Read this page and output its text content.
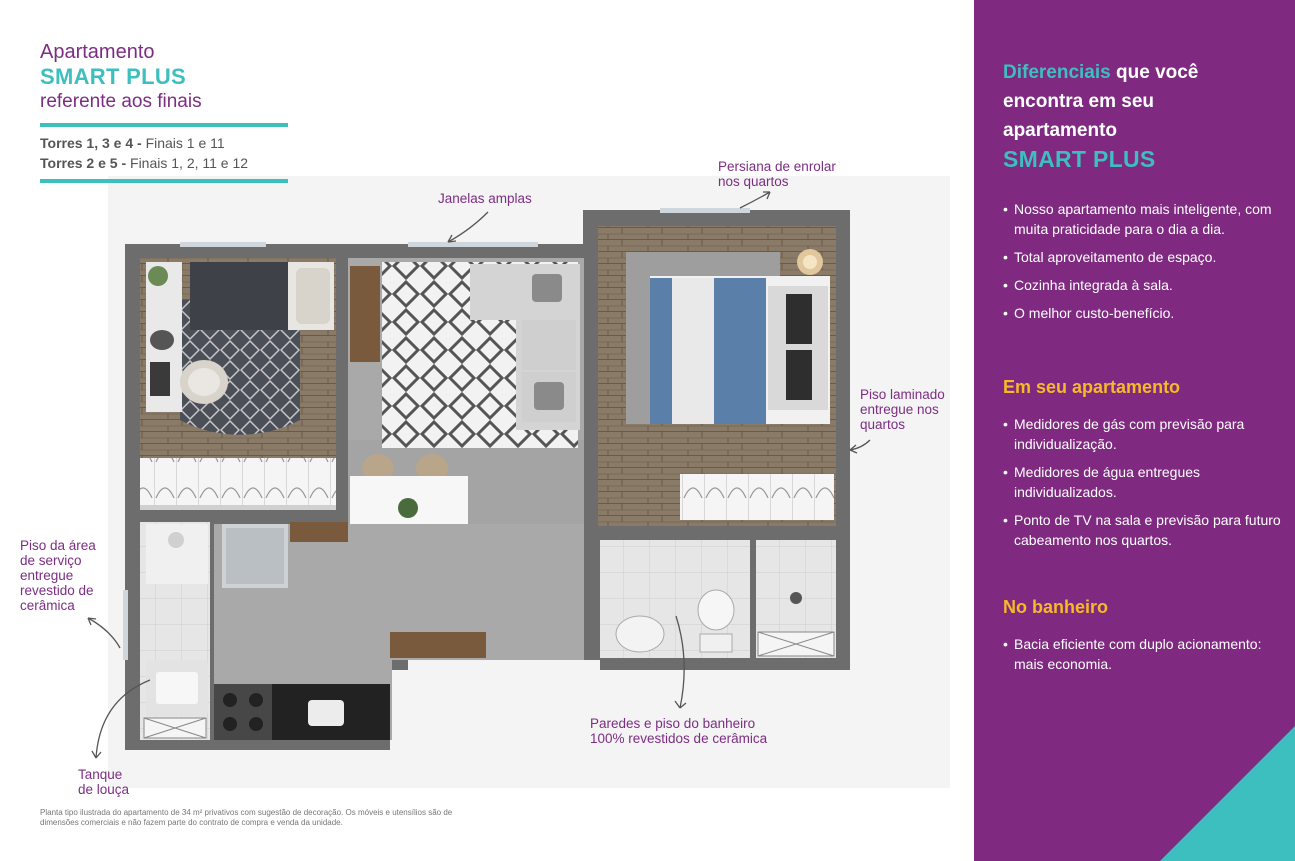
Apartamento
SMART PLUS
referente aos finais
Torres 1, 3 e 4 - Finais 1 e 11
Torres 2 e 5 - Finais 1, 2, 11 e 12
Janelas amplas
Persiana de enrolar
nos quartos
Piso laminado
entregue nos
quartos
Piso da área
de serviço
entregue
revestido de
cerâmica
Paredes e piso do banheiro
100% revestidos de cerâmica
Tanque
de louça
Planta tipo ilustrada do apartamento de 34 m² privativos com sugestão de decoração. Os móveis e utensílios são de dimensões comerciais e não fazem parte do contrato de compra e venda da unidade.
Diferenciais que você
encontra em seu
apartamento
SMART PLUS
• Nosso apartamento mais inteligente, com muita praticidade para o dia a dia.
• Total aproveitamento de espaço.
• Cozinha integrada à sala.
• O melhor custo-benefício.
Em seu apartamento
• Medidores de gás com previsão para individualização.
• Medidores de água entregues individualizados.
• Ponto de TV na sala e previsão para futuro cabeamento nos quartos.
No banheiro
• Bacia eficiente com duplo acionamento: mais economia.
